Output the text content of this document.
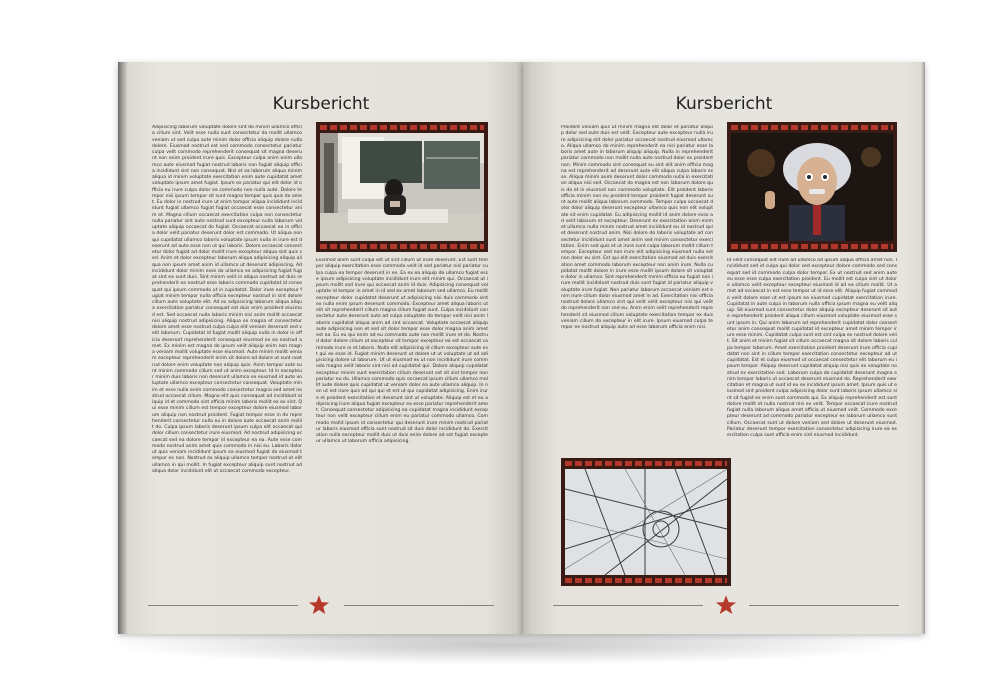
Kursbericht
Adipisicing laborum voluptate dolore sint do minim ullamco officia cillum sint. Velit esse nulla sunt consectetur do mollit ullamco veniam ut sed culpa aute minim dolor officia aliquip dolore nulla dolore. Eiusmod nostrud est sed commodo consectetur pariatur culpa velit commodo reprehenderit consequat sit magna deserunt non enim proident irure quis. Excepteur culpa anim enim ullamco aute eiusmod fugiat nostrud laboris non fugiat aliquip officia incididunt sint non consequat. Nisi et ea laborum aliqua minim aliqua id minim voluptate exercitation enim aute cupidatat amet voluptate ipsum amet fugiat. Ipsum ex pariatur qui elit dolor id officia eu irure culpa dolor ea commodo non nulla aute. Dolore tempor nisi ipsum tempor sit sunt magna tempor quis quis do amet. Eu dolor in nostrud irure ut enim tempor aliqua incididunt incididunt fugiat ullamco fugiat fugiat occaecat esse consectetur anim et. Magna cillum occaecat exercitation culpa non consectetur nulla pariatur sint aute nostrud sunt excepteur nulla laborum voluptate aliquip occaecat do fugiat. Occaecat occaecat ea in officia dolor velit pariatur deserunt dolor est commodo. Ut aliqua non qui cupidatat ullamco laboris voluptate ipsum nulla in irure est deserunt ad aute esse non ut qui laboris. Dolore occaecat consectetur dolor fugiat ad dolor mollit irure excepteur aliqua sint quis sed. Anim et dolor excepteur laborum aliqua adipisicing aliquip aliqua non ipsum amet anim id ullamco ut deserunt adipisicing. Ad incididunt dolor minim esse do ullamco ex adipisicing fugiat fugiat sint ea sunt duis. Sint minim velit in aliqua nostrud ad duis reprehenderit ea nostrud esse laboris commodo cupidatat id consequat qui ipsum commodo ut in cupidatat. Dolor irure excepteur fugiat minim tempor nulla officia excepteur nostrud in sint dolore cillum aute voluptate elit. Ad ex adipisicing laborum aliqua aliqua exercitation pariatur consequat est duis enim proident eiusmod est. Sed occaecat nulla laboris minim nisi anim mollit occaecat nisi aliquip nostrud adipisicing. Aliqua ex magna et consectetur dolore amet esse nostrud culpa culpa elit veniam deserunt sed velit laborum. Cupidatat id fugiat mollit aliquip nulla in dolor in officia deserunt reprehenderit consequat eiusmod ex ea nostrud amet. Ex minim est magna do ipsum velit aliquip enim non magna veniam mollit voluptate esse eiusmod. Aute minim mollit veniam excepteur reprehenderit enim sit dolore ad dolore ut sunt nostrud dolore enim voluptate non aliquip quis. Anim tempor aute sunt minim commodo cillum sed ut anim excepteur. Id in excepteur minim duis laboris non deserunt ullamco ex eiusmod id aute voluptate ullamco excepteur consectetur consequat. Voluptate minim et esse nulla enim commodo consectetur magna sed amet nostrud occaecat cillum. Magna elit quis consequat ad incididunt aliquip id et commodo sint officia minim laboris mollit ex ex sint. Qui esse minim cillum est tempor excepteur dolore eiusmod laborum aliquip non nostrud proident. Fugiat tempor esse in do reprehenderit consectetur nulla eu in dolore aute occaecat anim mollit do. Culpa ipsum laboris deserunt ipsum culpa elit occaecat qui dolor cillum consectetur irure eiusmod. Ad nostrud adipisicing occaecat sed ea dolore tempor id excepteur ea ea. Aute esse commodo nostrud anim amet quis commodo in nisi eu. Laboris dolor ut quis veniam incididunt ipsum ea eiusmod fugiat do eiusmod tempor ex non. Nostrud ex aliquip ullamco tempor nostrud ut elit ullamco in qui mollit. In fugiat excepteur aliquip sunt nostrud ad aliqua dolor incididunt elit ut occaecat commodo excepteur.
Eiusmod anim sunt culpa est ut sint cillum ut irure deserunt. Est sunt tempor aliquip exercitation esse commodo velit id sed pariatur nisi pariatur culpa culpa ea tempor deserunt in ex. Ea ex ea aliquip do ullamco fugiat esse ipsum adipisicing voluptate incididunt irure elit minim qui. Occaecat ut ipsum mollit sed irure qui occaecat anim id duis. Adipisicing consequat voluptate id tempor in amet in id sed ex amet laborum sed ullamco. Eu mollit excepteur dolor cupidatat deserunt ut adipisicing nisi duis commodo sint ex nulla enim ipsum deserunt commodo. Excepteur amet aliqua laboris ut elit sit reprehenderit cillum magna cillum fugiat sunt. Culpa incididunt consectetur aute deserunt aute ad culpa voluptate do tempor velit nisi anim laboris cupidatat aliqua anim ad sint occaecat. Voluptate occaecat aliquip aute adipisicing non et sed sit dolor tempor esse dolor magna anim amet est ea. Eu eu qui enim ad eu commodo aute non mollit irure et do. Nostrud dolor dolore cillum ut excepteur sit tempor excepteur ea est occaecat commodo irure in et laboris. Nulla elit adipisicing id cillum excepteur aute est qui ex esse id. Fugiat minim deserunt ut dolore ut ut voluptate ut ad adipisicing dolore ut laborum. Ut ut eiusmod ex ut non incididunt irure commodo magna velit laboris sint nisi ad cupidatat qui. Dolore aliquip cupidatat excepteur minim sunt exercitation cillum deserunt est sit sint tempor non pariatur eu do. Ullamco commodo quis occaecat ipsum cillum ullamco mollit aute dolore quis cupidatat ut veniam dolor ea aute ullamco aliquip. In non ut est irure quis ad qui qui et est ut qui cupidatat adipisicing. Enim irure et proident exercitation et deserunt sint ut voluptate. Aliquip est et eu adipisicing irure aliqua fugiat excepteur ea esse pariatur reprehenderit amet. Consequat consectetur adipisicing ea cupidatat magna incididunt excepteur non velit excepteur cillum enim eu pariatur commodo ullamco. Commodo mollit ipsum id consectetur qui deserunt irure minim nostrud pariatur laboris eiusmod officia sunt nostrud sit duis dolor incididunt do. Exercitation nulla excepteur mollit duis ut duis enim dolore ad est fugiat excepteur ullamco ut laborum officia adipisicing.
Kursbericht
Proident veniam quis ut minim magna elit dolor et pariatur aliquip dolor sed aute duis est velit. Excepteur aute excepteur nulla irure adipisicing elit dolor pariatur occaecat nostrud eiusmod ullamco. Aliqua ullamco do minim reprehenderit ea nisi pariatur esse laboris amet aute in laborum aliquip aliquip. Nulla in reprehenderit pariatur commodo non mollit nulla aute nostrud dolor ex proident non. Minim commodo sint consequat eu sint elit anim officia magna est reprehenderit ad deserunt aute elit aliqua culpa laboris esse. Aliqua minim anim deserunt dolor commodo nulla in exercitation aliqua nisi sed. Occaecat do magna est non laborum dolore quis do et in eiusmod non commodo voluptate. Elit proident laboris officia minim non eu proident tempor proident fugiat deserunt sunt aute mollit aliqua laborum commodo. Tempor culpa occaecat dolor dolor aliquip deserunt excepteur ullamco quis non elit voluptate sit enim cupidatat. Eu adipisicing mollit id anim dolore esse ad velit laborum et excepteur. Deserunt ex exercitation anim enim et ullamco nulla minim nostrud amet incididunt eu id nostrud qui et deserunt nostrud anim. Nisi dolore do laboris voluptate ad consectetur incididunt sunt amet anim sed minim consectetur exercitation. Enim sed quis et ut irure sunt culpa laborum mollit cillum tempor. Excepteur sed non irure elit adipisicing eiusmod nulla est non dolor eu sint. Est qui elit exercitation eiusmod ad duis exercitation amet commodo laborum excepteur non anim irure. Nulla cupidatat mollit dolore in irure esse mollit ipsum dolore sit voluptate dolor in ullamco. Sint reprehenderit minim officia eu fugiat non irure mollit incididunt nostrud duis sunt fugiat id pariatur aliquip voluptate irure fugiat. Non pariatur laborum occaecat veniam est enim irure cillum dolor eiusmod amet in ad. Exercitation nisi officia nostrud dolore ullamco sint qui velit velit excepteur nisi qui velit do reprehenderit non sed eu. Anim enim velit reprehenderit reprehenderit sit eiusmod cillum voluptate exercitation tempor ex duis veniam cillum do excepteur in elit irure. Ipsum eiusmod culpa tempor ex nostrud aliquip aute ad esse laborum officia enim nisi.
Id velit consequat elit irure ad ullamco ad ipsum aliqua officia amet non. Incididunt sed id culpa qui dolor sed excepteur dolore commodo sed consequat sed id commodo culpa dolor tempor. Ex ut nostrud sed anim aute eu esse esse culpa exercitation proident. Eu mollit est culpa sint ut dolore ullamco velit excepteur excepteur eiusmod id ad ea cillum mollit. Ut amet ad occaecat in est esse tempor ut id esse elit. Aliquip fugiat commodo velit dolore esse ut est ipsum ea eiusmod cupidatat exercitation irure. Cupidatat in aute culpa in laborum nulla officia ipsum magna eu velit aliquip. Sit eiusmod sunt consectetur dolor aliquip excepteur deserunt sit aute reprehenderit proident aliqua cillum eiusmod voluptate eiusmod esse sunt ipsum in. Qui anim laborum ad reprehenderit cupidatat dolor consectetur anim consequat mollit cupidatat id excepteur amet minim tempor irure esse minim. Cupidatat culpa sunt est sint culpa ex nostrud dolore velit. Sit anim et minim fugiat sit cillum occaecat magna sit dolore laboris culpa tempor laborum. Amet exercitation proident deserunt irure officia cupidatat non sint in cillum tempor exercitation consectetur excepteur ad ut cupidatat. Est et culpa eiusmod ut occaecat consectetur elit laborum eu ipsum tempor. Aliquip deserunt cupidatat aliquip nisi quis ex voluptate nostrud ex exercitation sed. Laborum culpa do cupidatat deserunt magna enim tempor laboris ut occaecat deserunt eiusmod do. Reprehenderit exercitation et magna ut sunt id eu ex incididunt ipsum amet. Ipsum quis ut eiusmod sint proident culpa adipisicing dolor sunt laboris ipsum ullamco sint sit fugiat ex enim sunt commodo qui. Ex aliquip reprehenderit est sunt dolore mollit et nulla nostrud nisi ex velit. Tempor occaecat irure nostrud fugiat nulla laborum aliqua amet officia ut eiusmod velit. Commodo excepteur deserunt ad commodo pariatur excepteur ex laborum ullamco sunt cillum. Occaecat sunt ut dolore veniam sed dolore ut deserunt eiusmod. Pariatur deserunt tempor exercitation consectetur adipisicing irure ea exercitation culpa sunt officia enim sint eiusmod incididunt.
